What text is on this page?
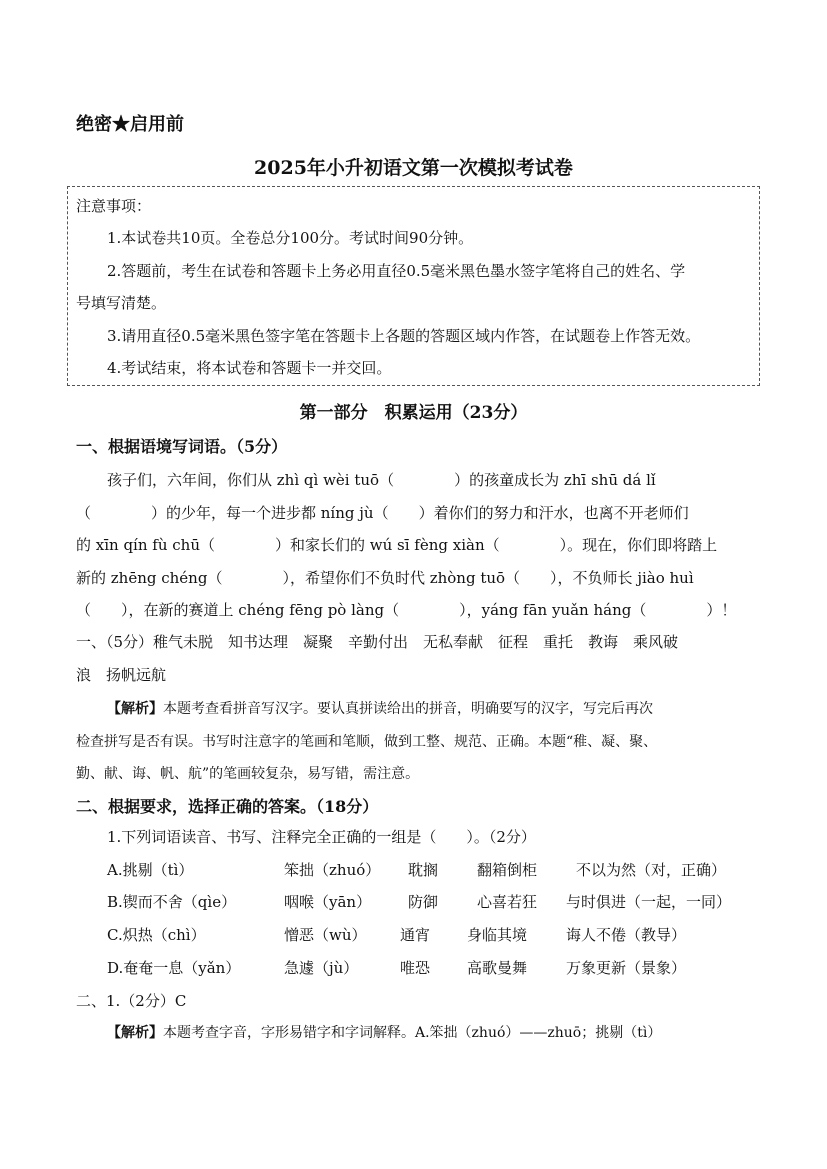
绝密★启用前
2025年小升初语文第一次模拟考试卷
注意事项：
1.本试卷共10页。全卷总分100分。考试时间90分钟。
2.答题前，考生在试卷和答题卡上务必用直径0.5毫米黑色墨水签字笔将自己的姓名、学
号填写清楚。
3.请用直径0.5毫米黑色签字笔在答题卡上各题的答题区域内作答，在试题卷上作答无效。
4.考试结束，将本试卷和答题卡一并交回。
第一部分　积累运用（23分）
一、根据语境写词语。（5分）
孩子们，六年间，你们从 zhì qì wèi tuō（　　　　）的孩童成长为 zhī shū dá lǐ
（　　　　）的少年，每一个进步都 níng jù（　　）着你们的努力和汗水，也离不开老师们
的 xīn qín fù chū（　　　　）和家长们的 wú sī fèng xiàn（　　　　）。现在，你们即将踏上
新的 zhēng chéng（　　　　），希望你们不负时代 zhòng tuō（　　），不负师长 jiào huì
（　　），在新的赛道上 chéng fēng pò làng（　　　　），yáng fān yuǎn háng（　　　　）！
一、（5分）稚气未脱　知书达理　凝聚　辛勤付出　无私奉献　征程　重托　教诲　乘风破
浪　扬帆远航
【解析】本题考查看拼音写汉字。要认真拼读给出的拼音，明确要写的汉字，写完后再次
检查拼写是否有误。书写时注意字的笔画和笔顺，做到工整、规范、正确。本题“稚、凝、聚、
勤、献、诲、帆、航”的笔画较复杂，易写错，需注意。
二、根据要求，选择正确的答案。（18分）
1.下列词语读音、书写、注释完全正确的一组是（　　）。（2分）
A.挑剔（tì）	笨拙（zhuó） 耽搁	翻箱倒柜	不以为然（对，正确）
B.锲而不舍（qìe）	咽喉（yān） 防御	心喜若狂 与时俱进（一起，一同）
C.炽热（chì）	憎恶（wù） 通宵 身临其境	诲人不倦（教导）
D.奄奄一息（yǎn）	急遽（jù）	唯恐 高歌曼舞	万象更新（景象）
二、1.（2分）C
【解析】本题考查字音，字形易错字和字词解释。A.笨拙（zhuó）——zhuō；挑剔（tì）
